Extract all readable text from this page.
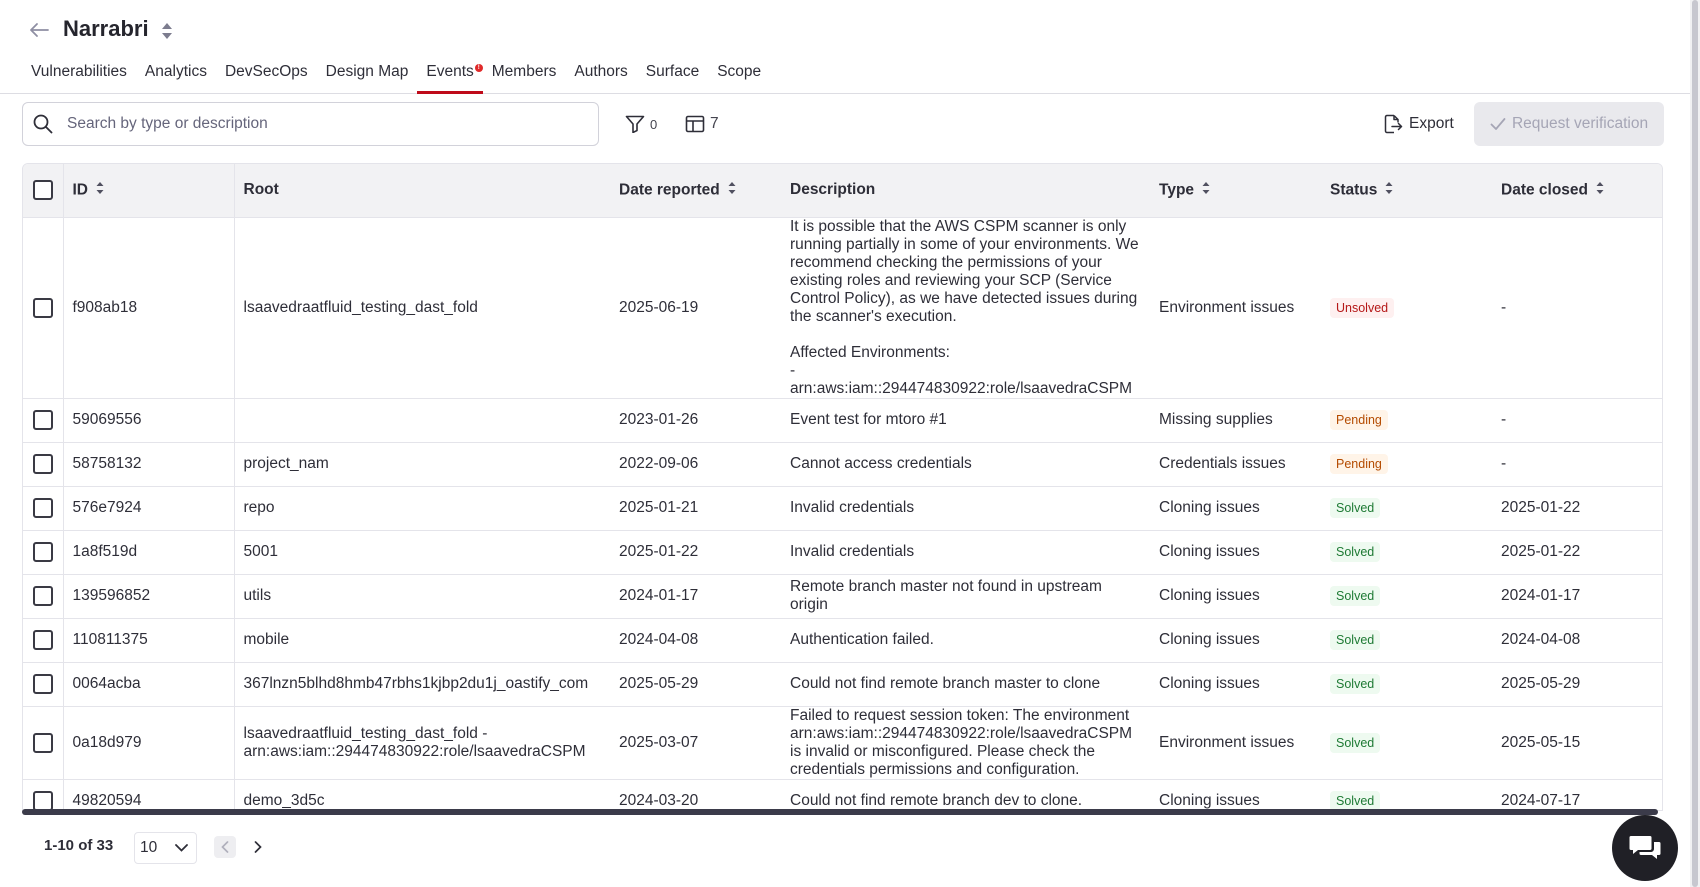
Narrabri
Vulnerabilities	Analytics	DevSecOps	Design Map	Events ! Members	Authors	Surface	Scope
Search by type or description
0	7	Export	Request verification
	ID	Root	Date reported	Description	Type	Status	Date closed
	f908ab18	lsaavedraatfluid_testing_dast_fold	2025-06-19	It is possible that the AWS CSPM scanner is only running partially in some of your environments. We recommend checking the permissions of your existing roles and reviewing your SCP (Service Control Policy), as we have detected issues during the scanner's execution.

Affected Environments:
- arn:aws:iam::294474830922:role/lsaavedraCSPM	Environment issues	Unsolved	-
	59069556		2023-01-26	Event test for mtoro #1	Missing supplies	Pending	-
	58758132	project_nam	2022-09-06	Cannot access credentials	Credentials issues	Pending	-
	576e7924	repo	2025-01-21	Invalid credentials	Cloning issues	Solved	2025-01-22
	1a8f519d	5001	2025-01-22	Invalid credentials	Cloning issues	Solved	2025-01-22
	139596852	utils	2024-01-17	Remote branch master not found in upstream origin	Cloning issues	Solved	2024-01-17
	110811375	mobile	2024-04-08	Authentication failed.	Cloning issues	Solved	2024-04-08
	0064acba	367lnzn5blhd8hmb47rbhs1kjbp2du1j_oastify_com	2025-05-29	Could not find remote branch master to clone	Cloning issues	Solved	2025-05-29
	0a18d979	lsaavedraatfluid_testing_dast_fold - arn:aws:iam::294474830922:role/lsaavedraCSPM	2025-03-07	Failed to request session token: The environment arn:aws:iam::294474830922:role/lsaavedraCSPM is invalid or misconfigured. Please check the credentials permissions and configuration.	Environment issues	Solved	2025-05-15
	49820594	demo_3d5c	2024-03-20	Could not find remote branch dev to clone.	Cloning issues	Solved	2024-07-17
1-10 of 33 10
